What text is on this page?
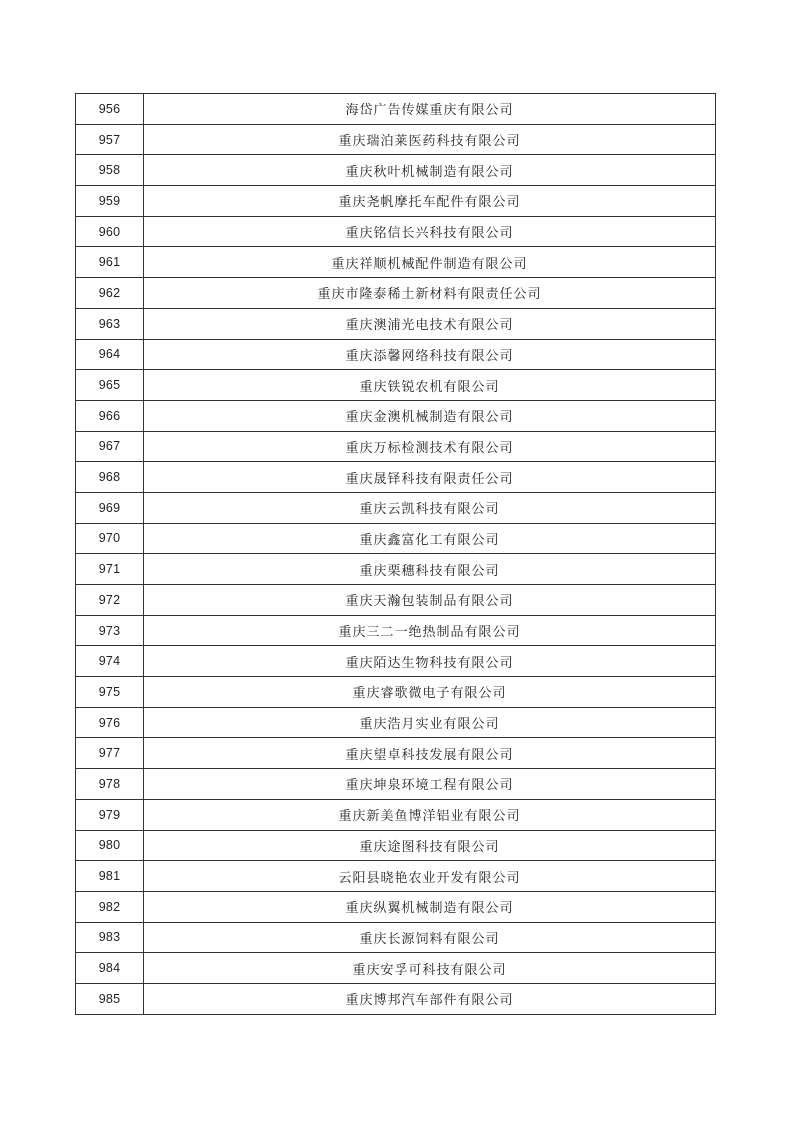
956	海岱广告传媒重庆有限公司
957	重庆瑞泊莱医药科技有限公司
958	重庆秋叶机械制造有限公司
959	重庆尧帆摩托车配件有限公司
960	重庆铭信长兴科技有限公司
961	重庆祥顺机械配件制造有限公司
962	重庆市隆泰稀土新材料有限责任公司
963	重庆澳浦光电技术有限公司
964	重庆添馨网络科技有限公司
965	重庆铁锐农机有限公司
966	重庆金澳机械制造有限公司
967	重庆万标检测技术有限公司
968	重庆晟铎科技有限责任公司
969	重庆云凯科技有限公司
970	重庆鑫富化工有限公司
971	重庆栗穗科技有限公司
972	重庆天瀚包装制品有限公司
973	重庆三二一绝热制品有限公司
974	重庆陌达生物科技有限公司
975	重庆睿歌微电子有限公司
976	重庆浩月实业有限公司
977	重庆望卓科技发展有限公司
978	重庆坤泉环境工程有限公司
979	重庆新美鱼博洋铝业有限公司
980	重庆途图科技有限公司
981	云阳县晓艳农业开发有限公司
982	重庆纵翼机械制造有限公司
983	重庆长源饲料有限公司
984	重庆安孚可科技有限公司
985	重庆博邦汽车部件有限公司
